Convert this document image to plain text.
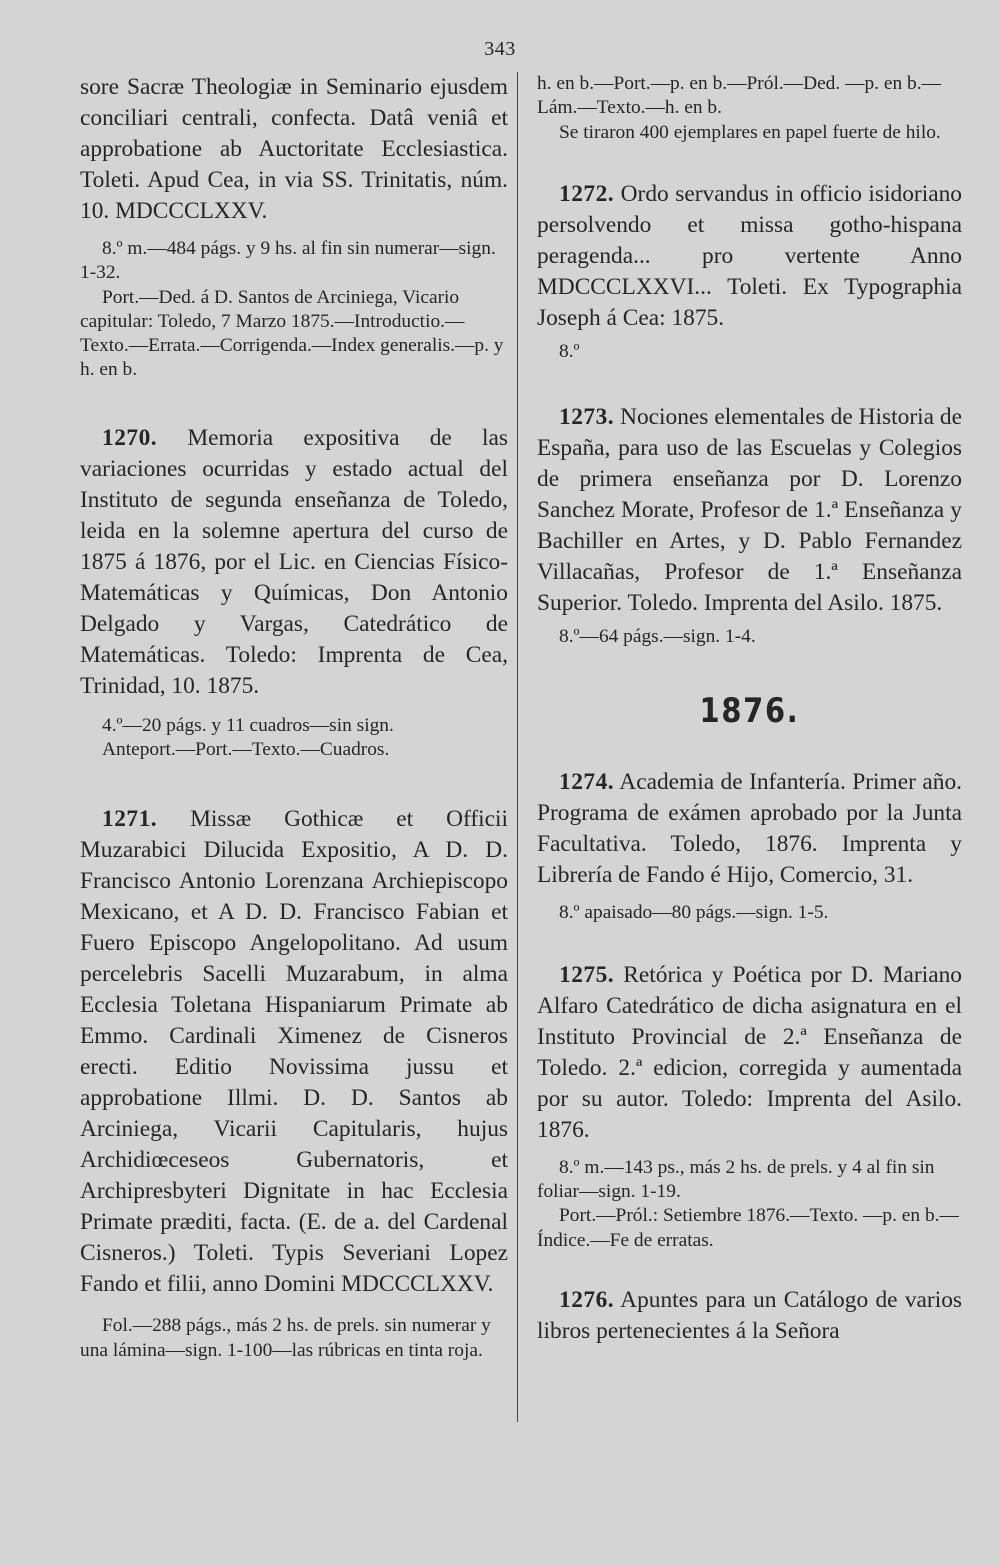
343

sore Sacræ Theologiæ in Seminario ejusdem conciliari centrali, confecta. Datâ veniâ et approbatione ab Auctoritate Ecclesiastica. Toleti. Apud Cea, in via SS. Trinitatis, núm. 10. MDCCCLXXV.

8.º m.—484 págs. y 9 hs. al fin sin numerar—sign. 1-32.

Port.—Ded. á D. Santos de Arciniega, Vicario capitular: Toledo, 7 Marzo 1875.—Introductio.—Texto.—Errata.—Corrigenda.—Index generalis.—p. y h. en b.

1270. Memoria expositiva de las variaciones ocurridas y estado actual del Instituto de segunda enseñanza de Toledo, leida en la solemne apertura del curso de 1875 á 1876, por el Lic. en Ciencias Físico-Matemáticas y Químicas, Don Antonio Delgado y Vargas, Catedrático de Matemáticas. Toledo: Imprenta de Cea, Trinidad, 10. 1875.

4.º—20 págs. y 11 cuadros—sin sign.

Anteport.—Port.—Texto.—Cuadros.

1271. Missæ Gothicæ et Officii Muzarabici Dilucida Expositio, A D. D. Francisco Antonio Lorenzana Archiepiscopo Mexicano, et A D. D. Francisco Fabian et Fuero Episcopo Angelopolitano. Ad usum percelebris Sacelli Muzarabum, in alma Ecclesia Toletana Hispaniarum Primate ab Emmo. Cardinali Ximenez de Cisneros erecti. Editio Novissima jussu et approbatione Illmi. D. D. Santos ab Arciniega, Vicarii Capitularis, hujus Archidiœceseos Gubernatoris, et Archipresbyteri Dignitate in hac Ecclesia Primate præditi, facta. (E. de a. del Cardenal Cisneros.) Toleti. Typis Severiani Lopez Fando et filii, anno Domini MDCCCLXXV.

Fol.—288 págs., más 2 hs. de prels. sin numerar y una lámina—sign. 1-100—las rúbricas en tinta roja.

h. en b.—Port.—p. en b.—Pról.—Ded. —p. en b.—Lám.—Texto.—h. en b.

Se tiraron 400 ejemplares en papel fuerte de hilo.

1272. Ordo servandus in officio isidoriano persolvendo et missa gotho-hispana peragenda... pro vertente Anno MDCCCLXXVI... Toleti. Ex Typographia Joseph á Cea: 1875.

8.º

1273. Nociones elementales de Historia de España, para uso de las Escuelas y Colegios de primera enseñanza por D. Lorenzo Sanchez Morate, Profesor de 1.ª Enseñanza y Bachiller en Artes, y D. Pablo Fernandez Villacañas, Profesor de 1.ª Enseñanza Superior. Toledo. Imprenta del Asilo. 1875.

8.º—64 págs.—sign. 1-4.

1876.

1274. Academia de Infantería. Primer año. Programa de exámen aprobado por la Junta Facultativa. Toledo, 1876. Imprenta y Librería de Fando é Hijo, Comercio, 31.

8.º apaisado—80 págs.—sign. 1-5.

1275. Retórica y Poética por D. Mariano Alfaro Catedrático de dicha asignatura en el Instituto Provincial de 2.ª Enseñanza de Toledo. 2.ª edicion, corregida y aumentada por su autor. Toledo: Imprenta del Asilo. 1876.

8.º m.—143 ps., más 2 hs. de prels. y 4 al fin sin foliar—sign. 1-19.

Port.—Pról.: Setiembre 1876.—Texto. —p. en b.—Índice.—Fe de erratas.

1276. Apuntes para un Catálogo de varios libros pertenecientes á la Señora
